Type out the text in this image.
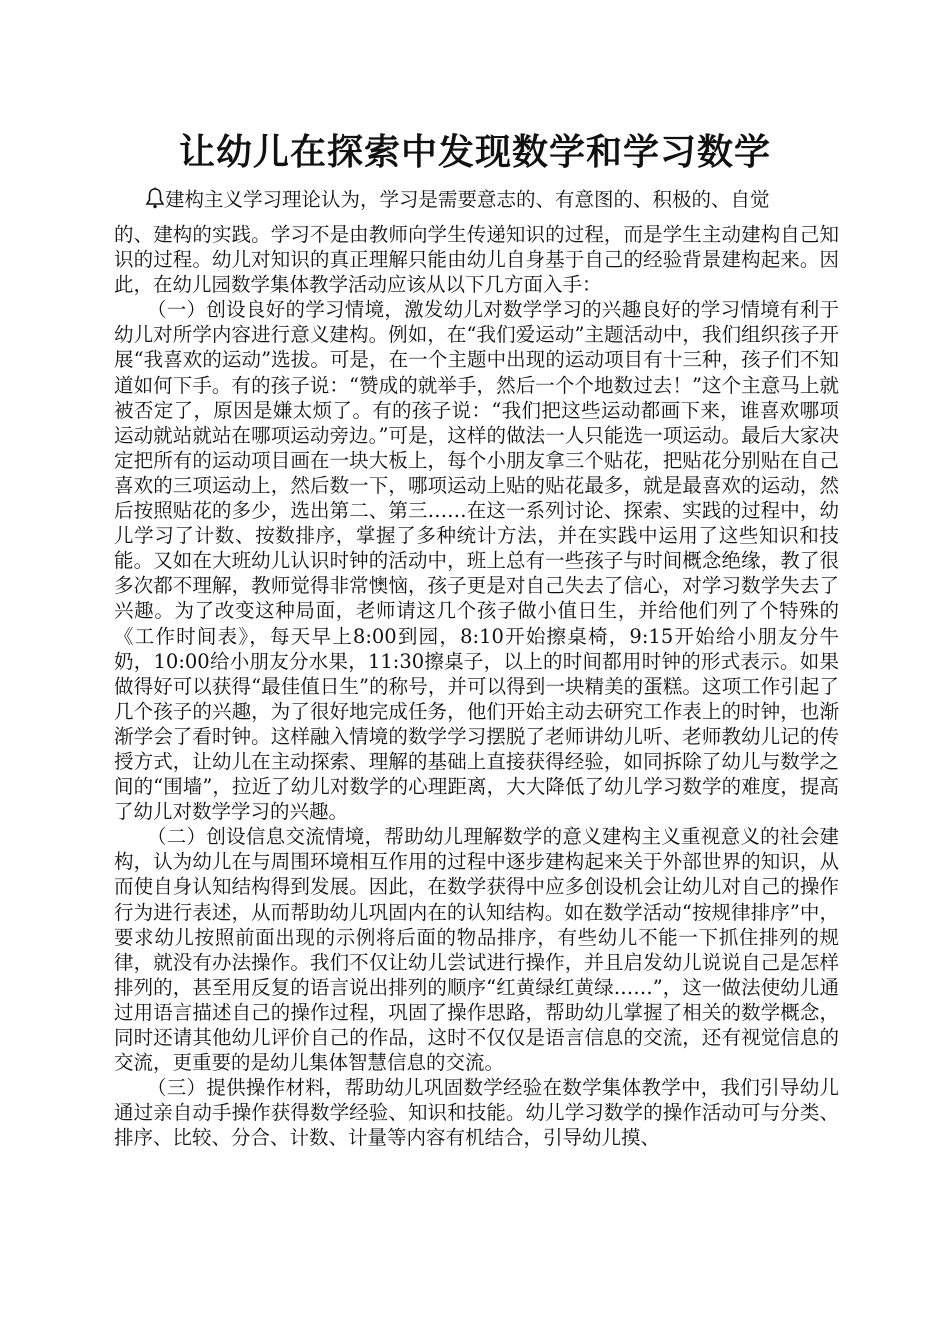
让幼儿在探索中发现数学和学习数学
建构主义学习理论认为，学习是需要意志的、有意图的、积极的、自觉

的、建构的实践。学习不是由教师向学生传递知识的过程，而是学生主动建构自己知识的过程。幼儿对知识的真正理解只能由幼儿自身基于自己的经验背景建构起来。因此，在幼儿园数学集体教学活动应该从以下几方面入手：

（一）创设良好的学习情境，激发幼儿对数学学习的兴趣良好的学习情境有利于幼儿对所学内容进行意义建构。例如，在“我们爱运动”主题活动中，我们组织孩子开展“我喜欢的运动”选拔。可是，在一个主题中出现的运动项目有十三种，孩子们不知道如何下手。有的孩子说：“赞成的就举手，然后一个个地数过去！”这个主意马上就被否定了，原因是嫌太烦了。有的孩子说：“我们把这些运动都画下来，谁喜欢哪项运动就站就站在哪项运动旁边。”可是，这样的做法一人只能选一项运动。最后大家决定把所有的运动项目画在一块大板上，每个小朋友拿三个贴花，把贴花分别贴在自己喜欢的三项运动上，然后数一下，哪项运动上贴的贴花最多，就是最喜欢的运动，然后按照贴花的多少，选出第二、第三……在这一系列讨论、探索、实践的过程中，幼儿学习了计数、按数排序，掌握了多种统计方法，并在实践中运用了这些知识和技能。又如在大班幼儿认识时钟的活动中，班上总有一些孩子与时间概念绝缘，教了很多次都不理解，教师觉得非常懊恼，孩子更是对自己失去了信心，对学习数学失去了兴趣。为了改变这种局面，老师请这几个孩子做小值日生，并给他们列了个特殊的《工作时间表》，每天早上8:00到园，8:10开始擦桌椅，9:15开始给小朋友分牛奶，10:00给小朋友分水果，11:30擦桌子，以上的时间都用时钟的形式表示。如果做得好可以获得“最佳值日生”的称号，并可以得到一块精美的蛋糕。这项工作引起了几个孩子的兴趣，为了很好地完成任务，他们开始主动去研究工作表上的时钟，也渐渐学会了看时钟。这样融入情境的数学学习摆脱了老师讲幼儿听、老师教幼儿记的传授方式，让幼儿在主动探索、理解的基础上直接获得经验，如同拆除了幼儿与数学之间的“围墙”，拉近了幼儿对数学的心理距离，大大降低了幼儿学习数学的难度，提高了幼儿对数学学习的兴趣。

（二）创设信息交流情境，帮助幼儿理解数学的意义建构主义重视意义的社会建构，认为幼儿在与周围环境相互作用的过程中逐步建构起来关于外部世界的知识，从而使自身认知结构得到发展。因此，在数学获得中应多创设机会让幼儿对自己的操作行为进行表述，从而帮助幼儿巩固内在的认知结构。如在数学活动“按规律排序”中，要求幼儿按照前面出现的示例将后面的物品排序，有些幼儿不能一下抓住排列的规律，就没有办法操作。我们不仅让幼儿尝试进行操作，并且启发幼儿说说自己是怎样排列的，甚至用反复的语言说出排列的顺序“红黄绿红黄绿……”，这一做法使幼儿通过用语言描述自己的操作过程，巩固了操作思路，帮助幼儿掌握了相关的数学概念，同时还请其他幼儿评价自己的作品，这时不仅仅是语言信息的交流，还有视觉信息的交流，更重要的是幼儿集体智慧信息的交流。

（三）提供操作材料，帮助幼儿巩固数学经验在数学集体教学中，我们引导幼儿通过亲自动手操作获得数学经验、知识和技能。幼儿学习数学的操作活动可与分类、排序、比较、分合、计数、计量等内容有机结合，引导幼儿摸、
